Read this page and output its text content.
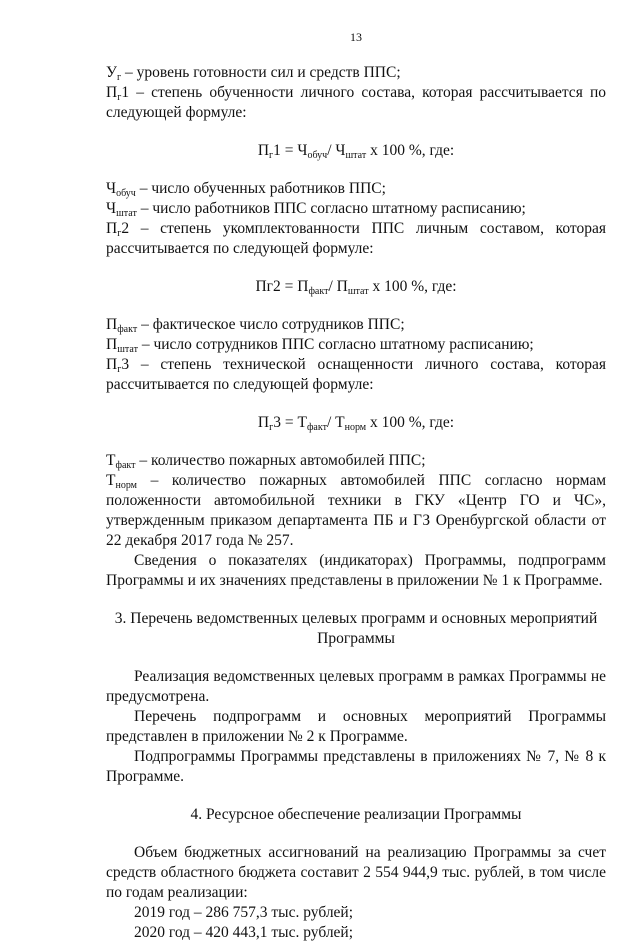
13

$У_г$ – уровень готовности сил и средств ППС;

$П_г1$ – степень обученности личного состава, которая рассчитывается по следующей формуле:

$П_г1 = Ч_{обуч}/$ $Ч_{штат}$ х 100 %, где:

$Ч_{обуч}$ – число обученных работников ППС;

$Ч_{штат}$ – число работников ППС согласно штатному расписанию;

$П_г2$ – степень укомплектованности ППС личным составом, которая рассчитывается по следующей формуле:

$Пг2 = П_{факт}/$ $П_{штат}$ х 100 %, где:

$П_{факт}$ – фактическое число сотрудников ППС;

$П_{штат}$ – число сотрудников ППС согласно штатному расписанию;

$П_г3$ – степень технической оснащенности личного состава, которая рассчитывается по следующей формуле:

$П_г3 = Т_{факт}/$ $Т_{норм}$ х 100 %, где:

$Т_{факт}$ – количество пожарных автомобилей ППС;

$Т_{норм}$ – количество пожарных автомобилей ППС согласно нормам положенности автомобильной техники в ГКУ «Центр ГО и ЧС», утвержденным приказом департамента ПБ и ГЗ Оренбургской области от 22 декабря 2017 года № 257.

Сведения о показателях (индикаторах) Программы, подпрограмм Программы и их значениях представлены в приложении № 1 к Программе.

3. Перечень ведомственных целевых программ и основных мероприятий Программы

Реализация ведомственных целевых программ в рамках Программы не предусмотрена.

Перечень подпрограмм и основных мероприятий Программы представлен в приложении № 2 к Программе.

Подпрограммы Программы представлены в приложениях № 7, № 8 к Программе.

4. Ресурсное обеспечение реализации Программы

Объем бюджетных ассигнований на реализацию Программы за счет средств областного бюджета составит 2 554 944,9 тыс. рублей, в том числе по годам реализации:

2019 год – 286 757,3 тыс. рублей;

2020 год – 420 443,1 тыс. рублей;
